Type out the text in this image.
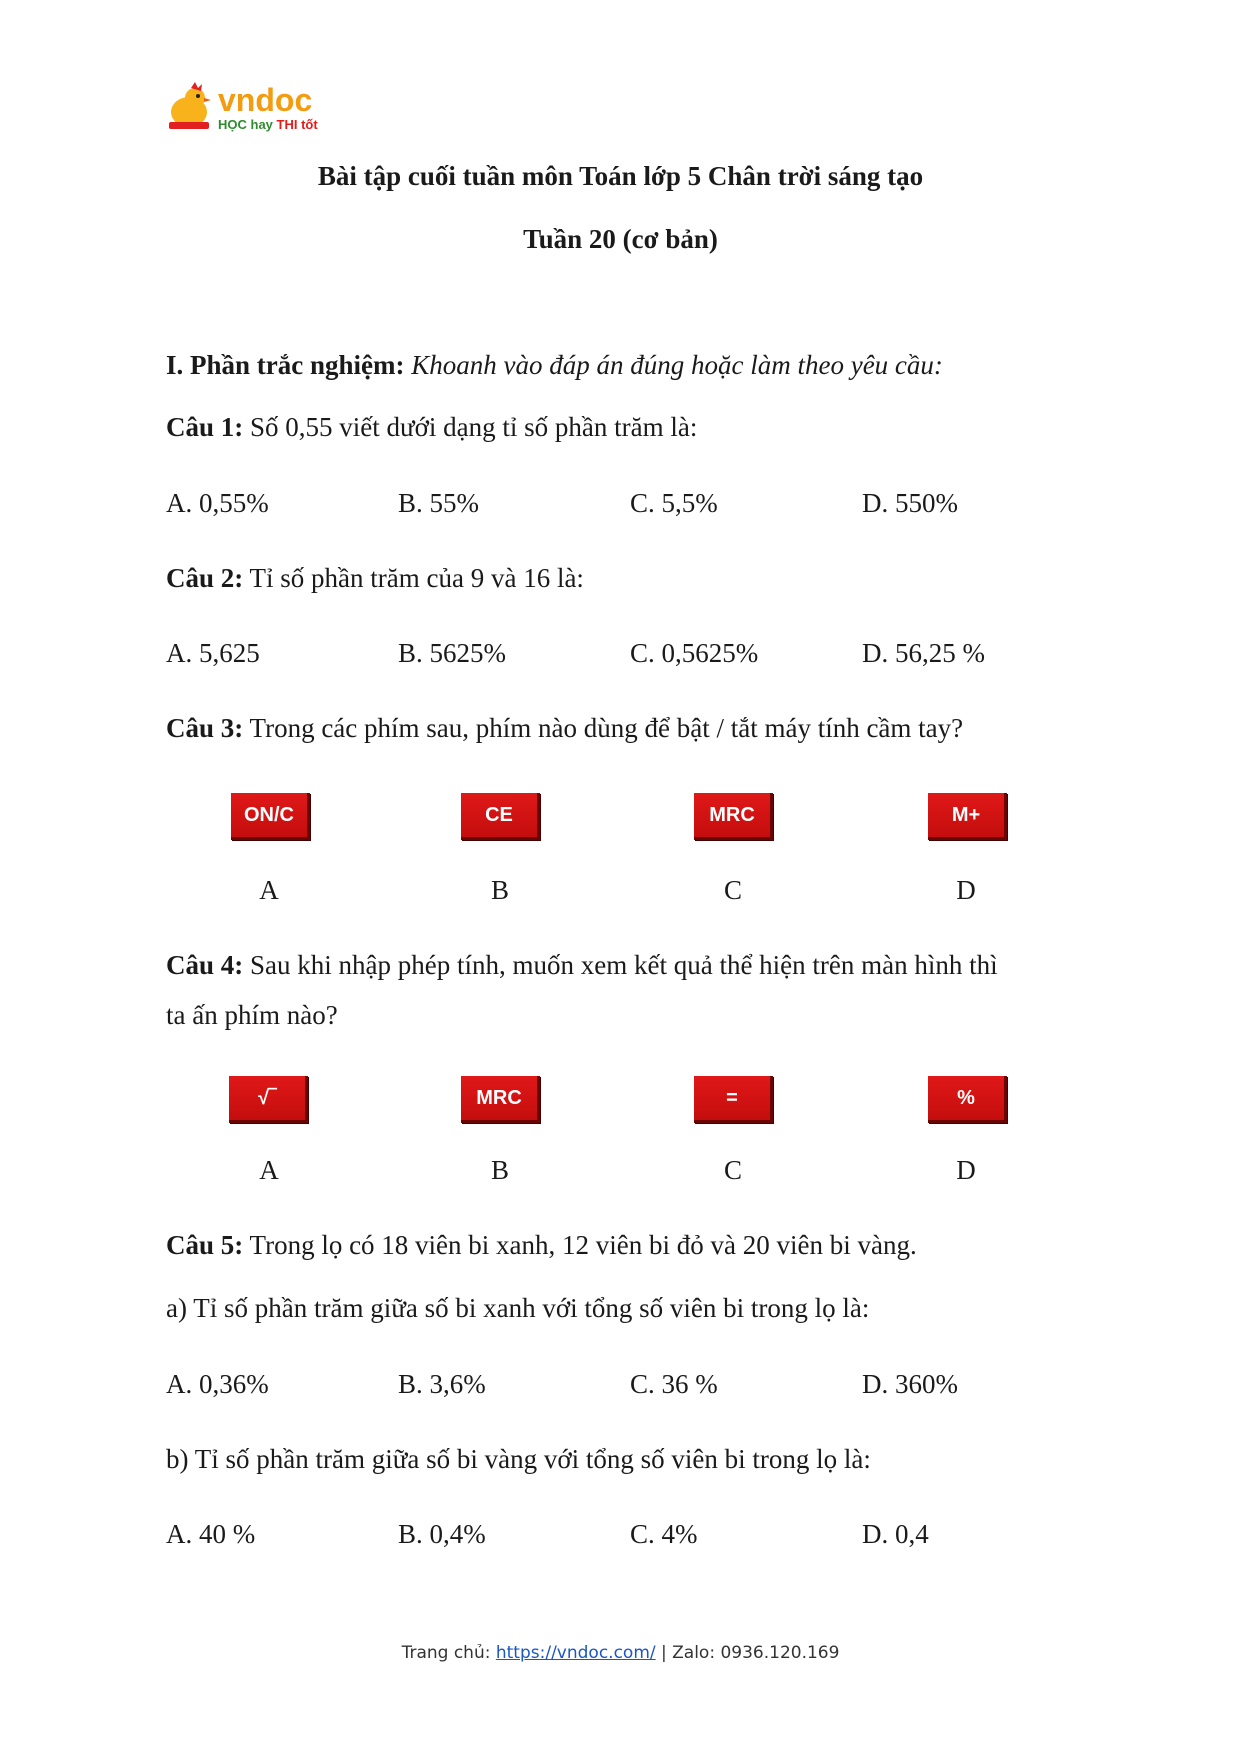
vndoc
HỌC hay THI tốt
Bài tập cuối tuần môn Toán lớp 5 Chân trời sáng tạo
Tuần 20 (cơ bản)
I. Phần trắc nghiệm: Khoanh vào đáp án đúng hoặc làm theo yêu cầu:
Câu 1: Số 0,55 viết dưới dạng tỉ số phần trăm là:
A. 0,55%	B. 55%	C. 5,5%	D. 550%
Câu 2: Tỉ số phần trăm của 9 và 16 là:
A. 5,625	B. 5625%	C. 0,5625%	D. 56,25 %
Câu 3: Trong các phím sau, phím nào dùng để bật / tắt máy tính cầm tay?
ON/C	CE	MRC	M+
A	B	C	D
Câu 4: Sau khi nhập phép tính, muốn xem kết quả thể hiện trên màn hình thì
ta ấn phím nào?
√‾	MRC	=	%
A	B	C	D
Câu 5: Trong lọ có 18 viên bi xanh, 12 viên bi đỏ và 20 viên bi vàng.
a) Tỉ số phần trăm giữa số bi xanh với tổng số viên bi trong lọ là:
A. 0,36%	B. 3,6%	C. 36 %	D. 360%
b) Tỉ số phần trăm giữa số bi vàng với tổng số viên bi trong lọ là:
A. 40 %	B. 0,4%	C. 4%	D. 0,4
Trang chủ: https://vndoc.com/ | Zalo: 0936.120.169
